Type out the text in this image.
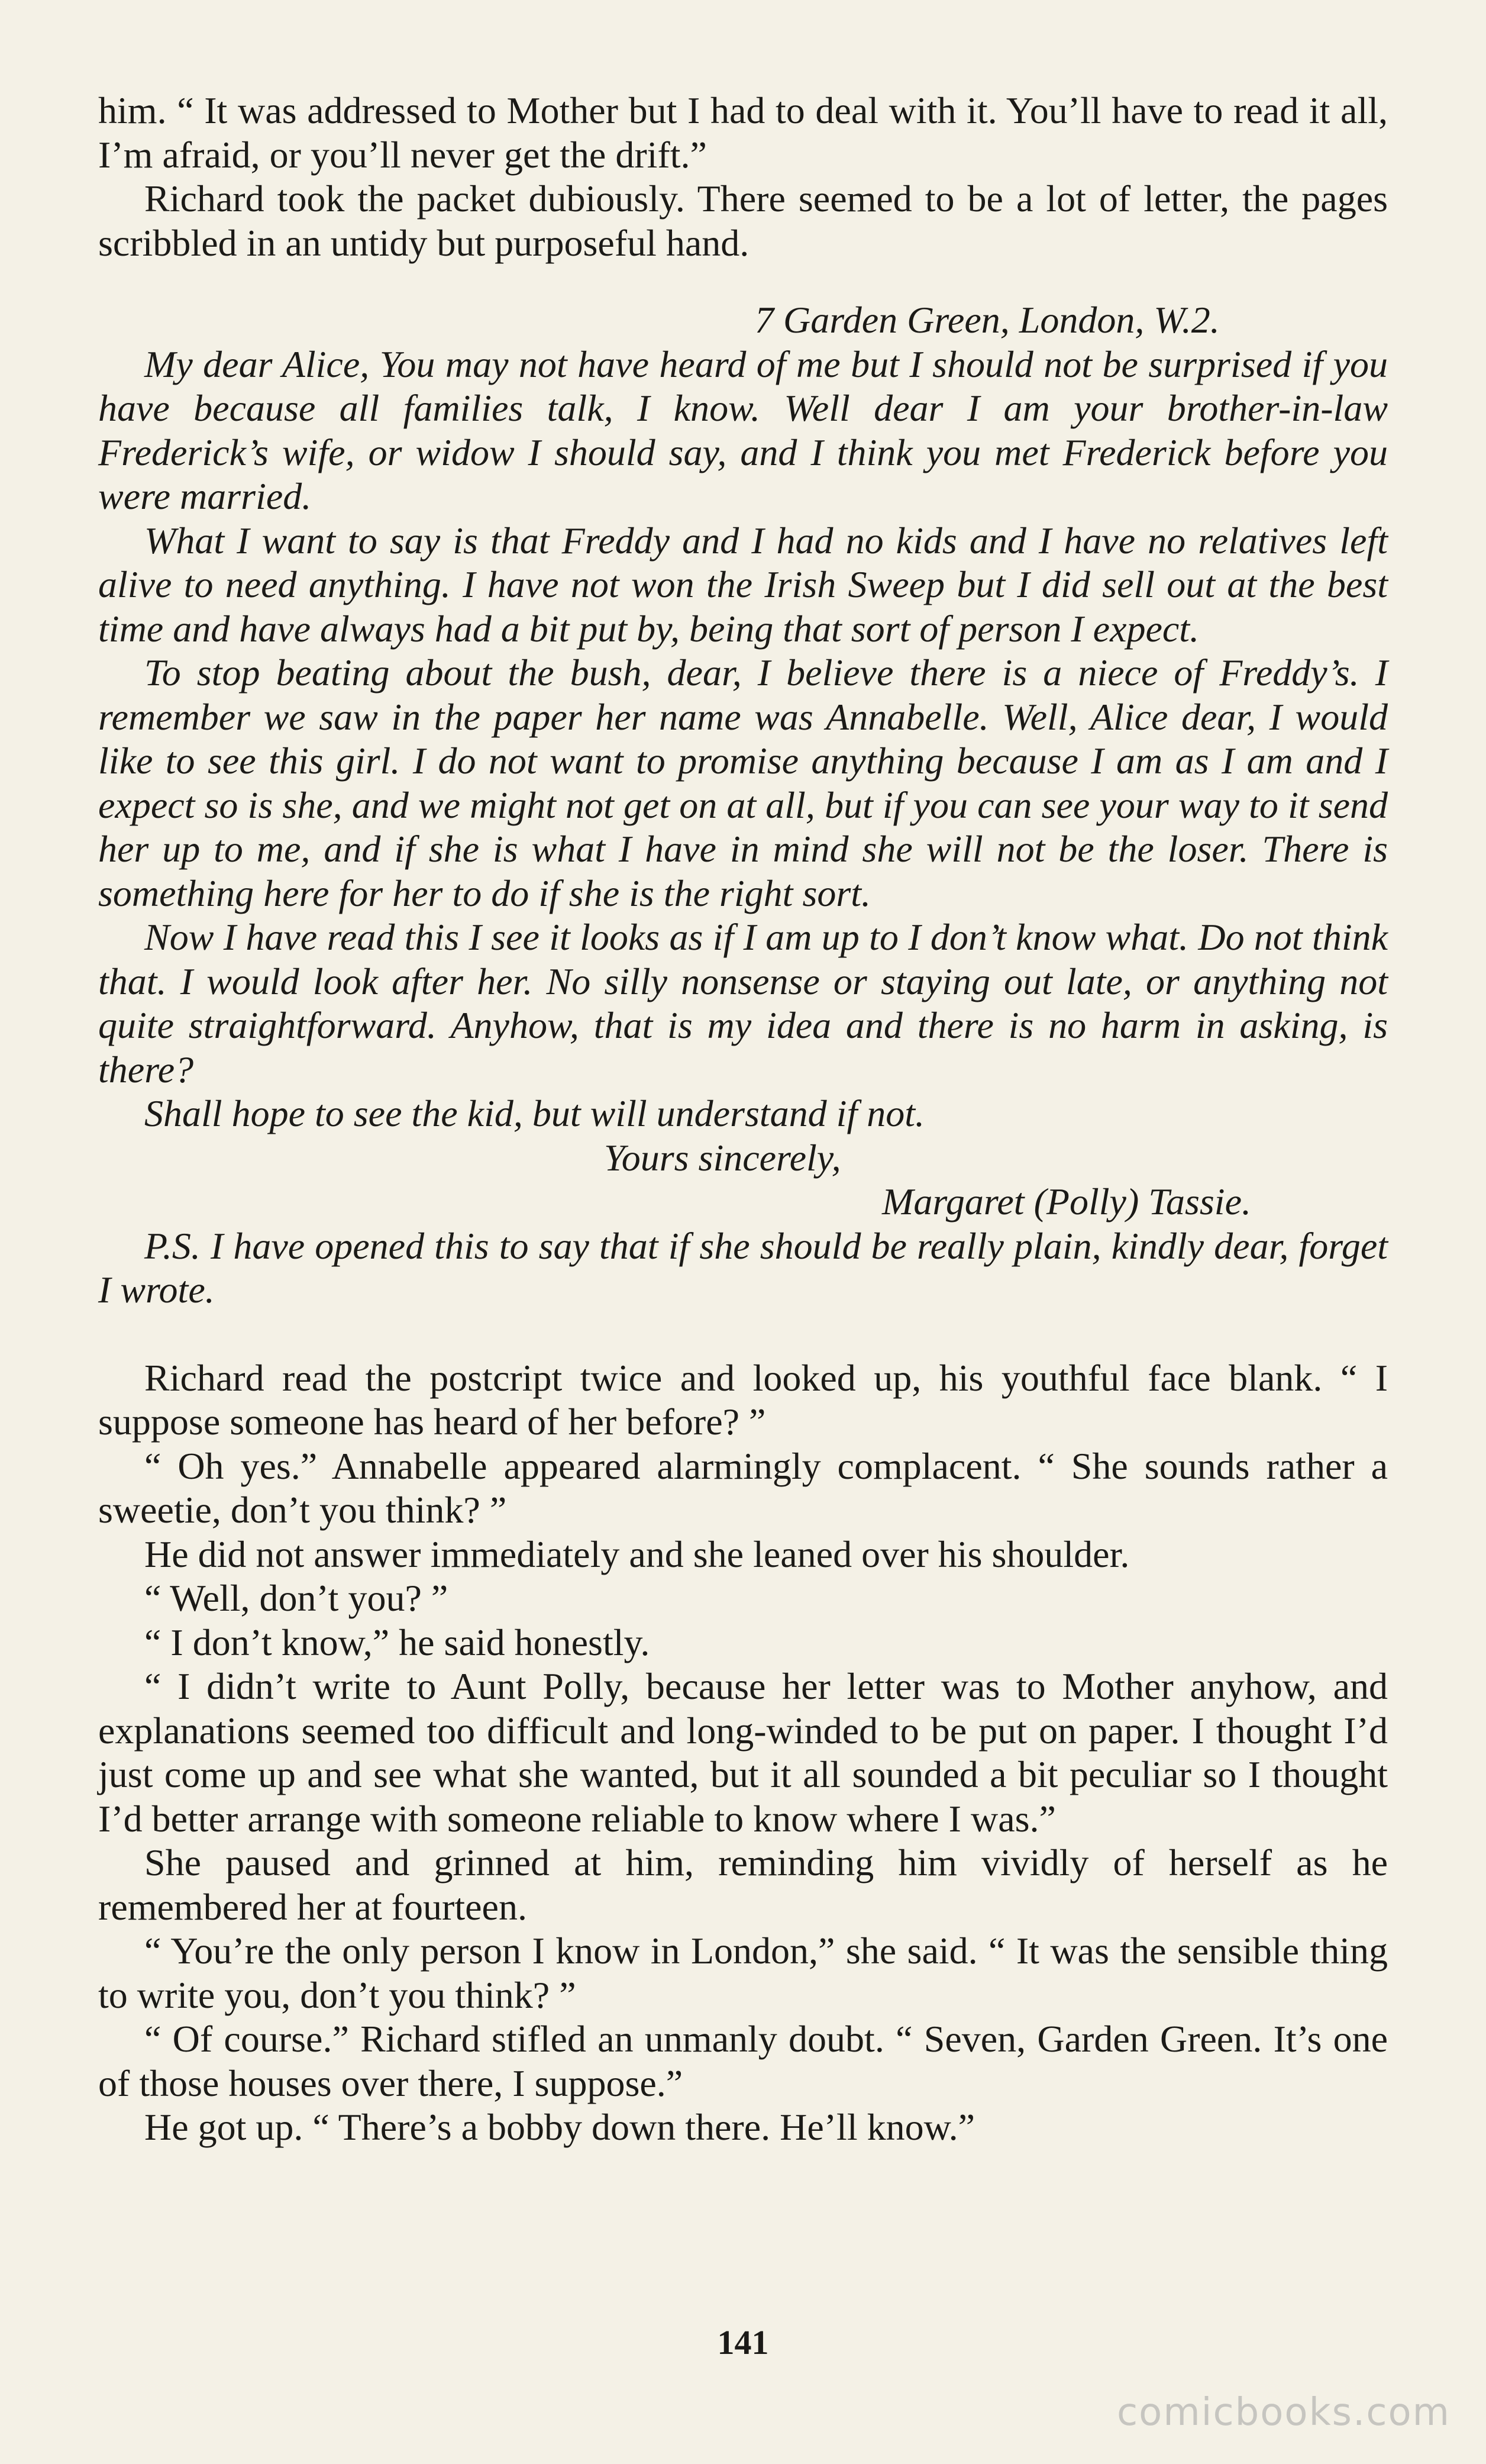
him. “ It was addressed to Mother but I had to deal with it. You’ll have to read it all, I’m afraid, or you’ll never get the drift.”

Richard took the packet dubiously. There seemed to be a lot of letter, the pages scribbled in an untidy but purposeful hand.

7 Garden Green, London, W.2.

My dear Alice, You may not have heard of me but I should not be surprised if you have because all families talk, I know. Well dear I am your brother-in-law Frederick’s wife, or widow I should say, and I think you met Frederick before you were married.

What I want to say is that Freddy and I had no kids and I have no relatives left alive to need anything. I have not won the Irish Sweep but I did sell out at the best time and have always had a bit put by, being that sort of person I expect.

To stop beating about the bush, dear, I believe there is a niece of Freddy’s. I remember we saw in the paper her name was Annabelle. Well, Alice dear, I would like to see this girl. I do not want to promise anything because I am as I am and I expect so is she, and we might not get on at all, but if you can see your way to it send her up to me, and if she is what I have in mind she will not be the loser. There is something here for her to do if she is the right sort.

Now I have read this I see it looks as if I am up to I don’t know what. Do not think that. I would look after her. No silly nonsense or staying out late, or anything not quite straightforward. Anyhow, that is my idea and there is no harm in asking, is there?

Shall hope to see the kid, but will understand if not.

Yours sincerely,
Margaret (Polly) Tassie.

P.S. I have opened this to say that if she should be really plain, kindly dear, forget I wrote.

Richard read the postcript twice and looked up, his youthful face blank. “ I suppose someone has heard of her before? ”

“ Oh yes.” Annabelle appeared alarmingly complacent. “ She sounds rather a sweetie, don’t you think? ”

He did not answer immediately and she leaned over his shoulder.

“ Well, don’t you? ”

“ I don’t know,” he said honestly.

“ I didn’t write to Aunt Polly, because her letter was to Mother anyhow, and explanations seemed too difficult and long-winded to be put on paper. I thought I’d just come up and see what she wanted, but it all sounded a bit peculiar so I thought I’d better arrange with someone reliable to know where I was.”

She paused and grinned at him, reminding him vividly of herself as he remembered her at fourteen.

“ You’re the only person I know in London,” she said. “ It was the sensible thing to write you, don’t you think? ”

“ Of course.” Richard stifled an unmanly doubt. “ Seven, Garden Green. It’s one of those houses over there, I suppose.”

He got up. “ There’s a bobby down there. He’ll know.”

141
comicbooks.com
